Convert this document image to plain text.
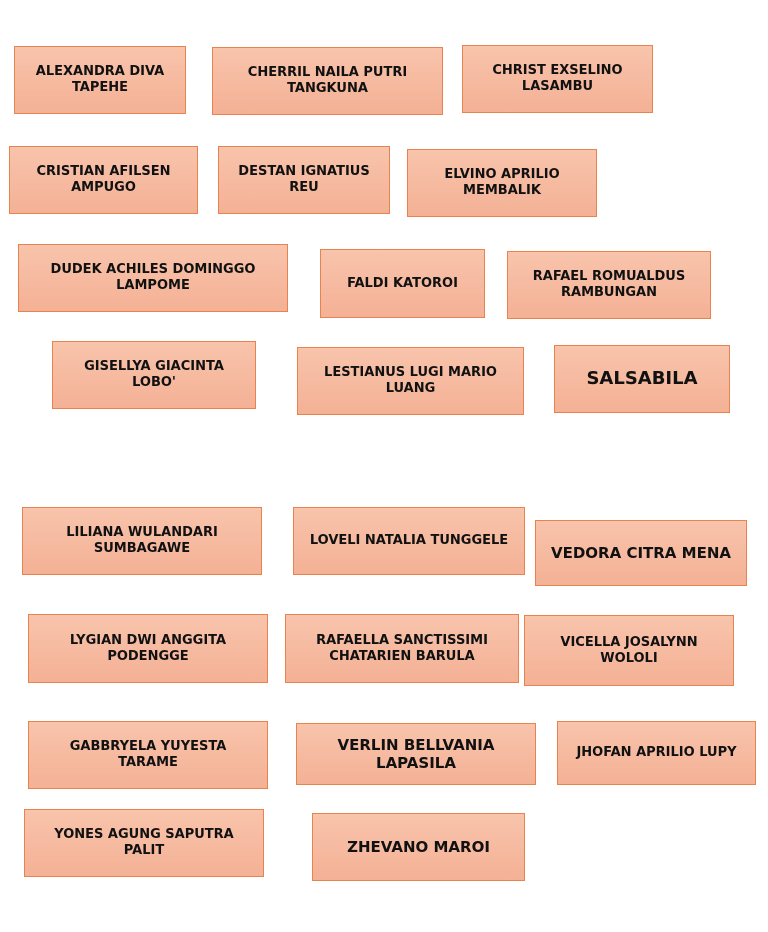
ALEXANDRA DIVA
TAPEHE
CHERRIL NAILA PUTRI
TANGKUNA
CHRIST EXSELINO
LASAMBU
CRISTIAN AFILSEN
AMPUGO
DESTAN IGNATIUS
REU
ELVINO APRILIO
MEMBALIK
DUDEK ACHILES DOMINGGO
LAMPOME	FALDI KATOROI	RAFAEL ROMUALDUS
RAMBUNGAN
GISELLYA GIACINTA
LOBO'
LESTIANUS LUGI MARIO
LUANG	SALSABILA
LILIANA WULANDARI
SUMBAGAWE
LOVELI NATALIA TUNGGELE
VEDORA CITRA MENA
LYGIAN DWI ANGGITA
PODENGGE
RAFAELLA SANCTISSIMI
CHATARIEN BARULA
VICELLA JOSALYNN
WOLOLI
GABBRYELA YUYESTA
TARAME
VERLIN BELLVANIA
LAPASILA
JHOFAN APRILIO LUPY
YONES AGUNG SAPUTRA
PALIT	ZHEVANO MAROI
